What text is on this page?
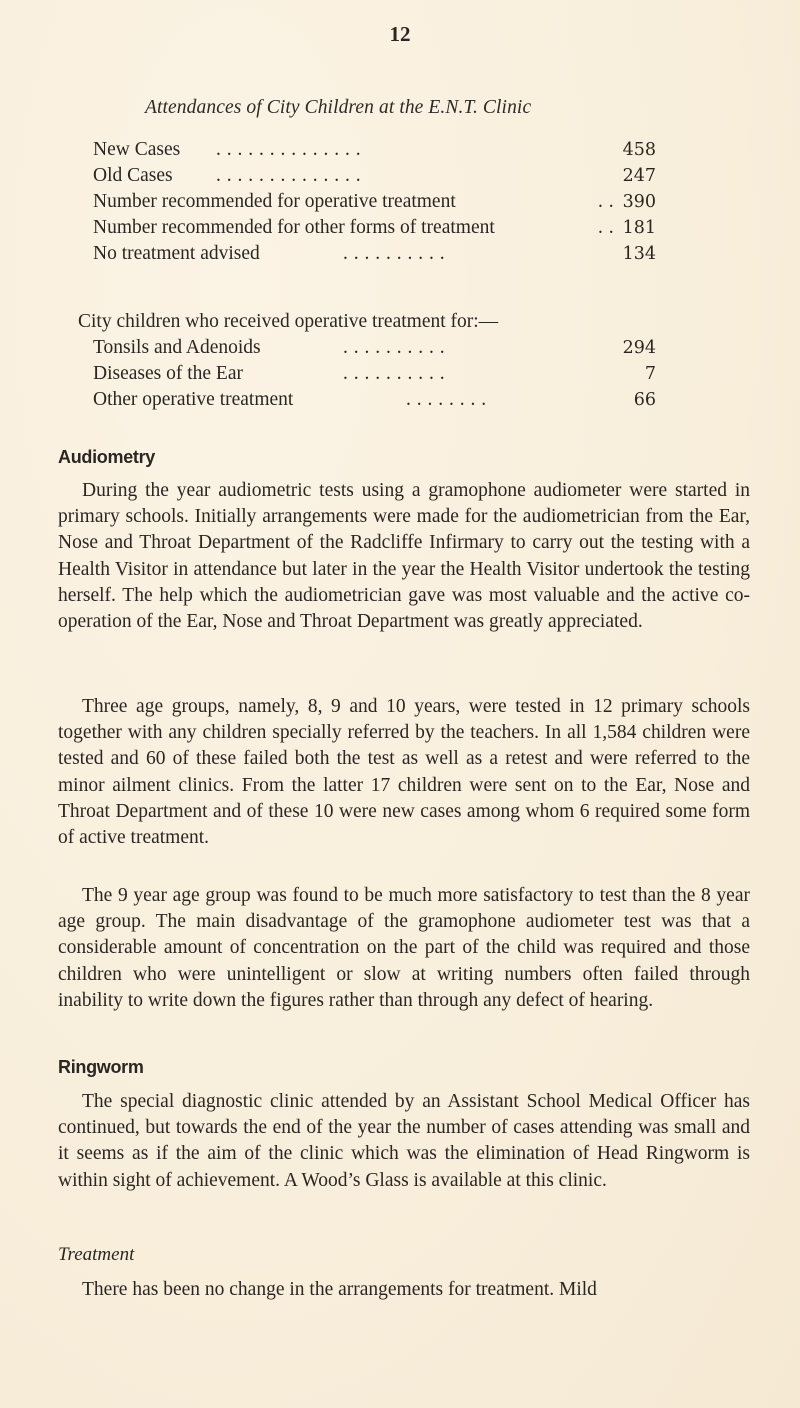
12
Attendances of City Children at the E.N.T. Clinic
New Cases . . . . . . . . . . . . . .	458
Old Cases . . . . . . . . . . . . . .	247
Number recommended for operative treatment	. . 390
Number recommended for other forms of treatment	. . 181
No treatment advised	. . . . . . . . . .	134
City children who received operative treatment for:—
Tonsils and Adenoids	. . . . . . . . . .	294
Diseases of the Ear	. . . . . . . . . .	7
Other operative treatment	. . . . . . . .	66
Audiometry

During the year audiometric tests using a gramophone audiometer were started in primary schools. Initially arrangements were made for the audiometrician from the Ear, Nose and Throat Department of the Radcliffe Infirmary to carry out the testing with a Health Visitor in attendance but later in the year the Health Visitor undertook the testing herself. The help which the audiometrician gave was most valuable and the active co-operation of the Ear, Nose and Throat Department was greatly appreciated.

Three age groups, namely, 8, 9 and 10 years, were tested in 12 primary schools together with any children specially referred by the teachers. In all 1,584 children were tested and 60 of these failed both the test as well as a retest and were referred to the minor ailment clinics. From the latter 17 children were sent on to the Ear, Nose and Throat Department and of these 10 were new cases among whom 6 required some form of active treatment.

The 9 year age group was found to be much more satisfactory to test than the 8 year age group. The main disadvantage of the gramophone audiometer test was that a considerable amount of concentration on the part of the child was required and those children who were unintelligent or slow at writing numbers often failed through inability to write down the figures rather than through any defect of hearing.

Ringworm

The special diagnostic clinic attended by an Assistant School Medical Officer has continued, but towards the end of the year the number of cases attending was small and it seems as if the aim of the clinic which was the elimination of Head Ringworm is within sight of achievement. A Wood’s Glass is available at this clinic.

Treatment

There has been no change in the arrangements for treatment. Mild
